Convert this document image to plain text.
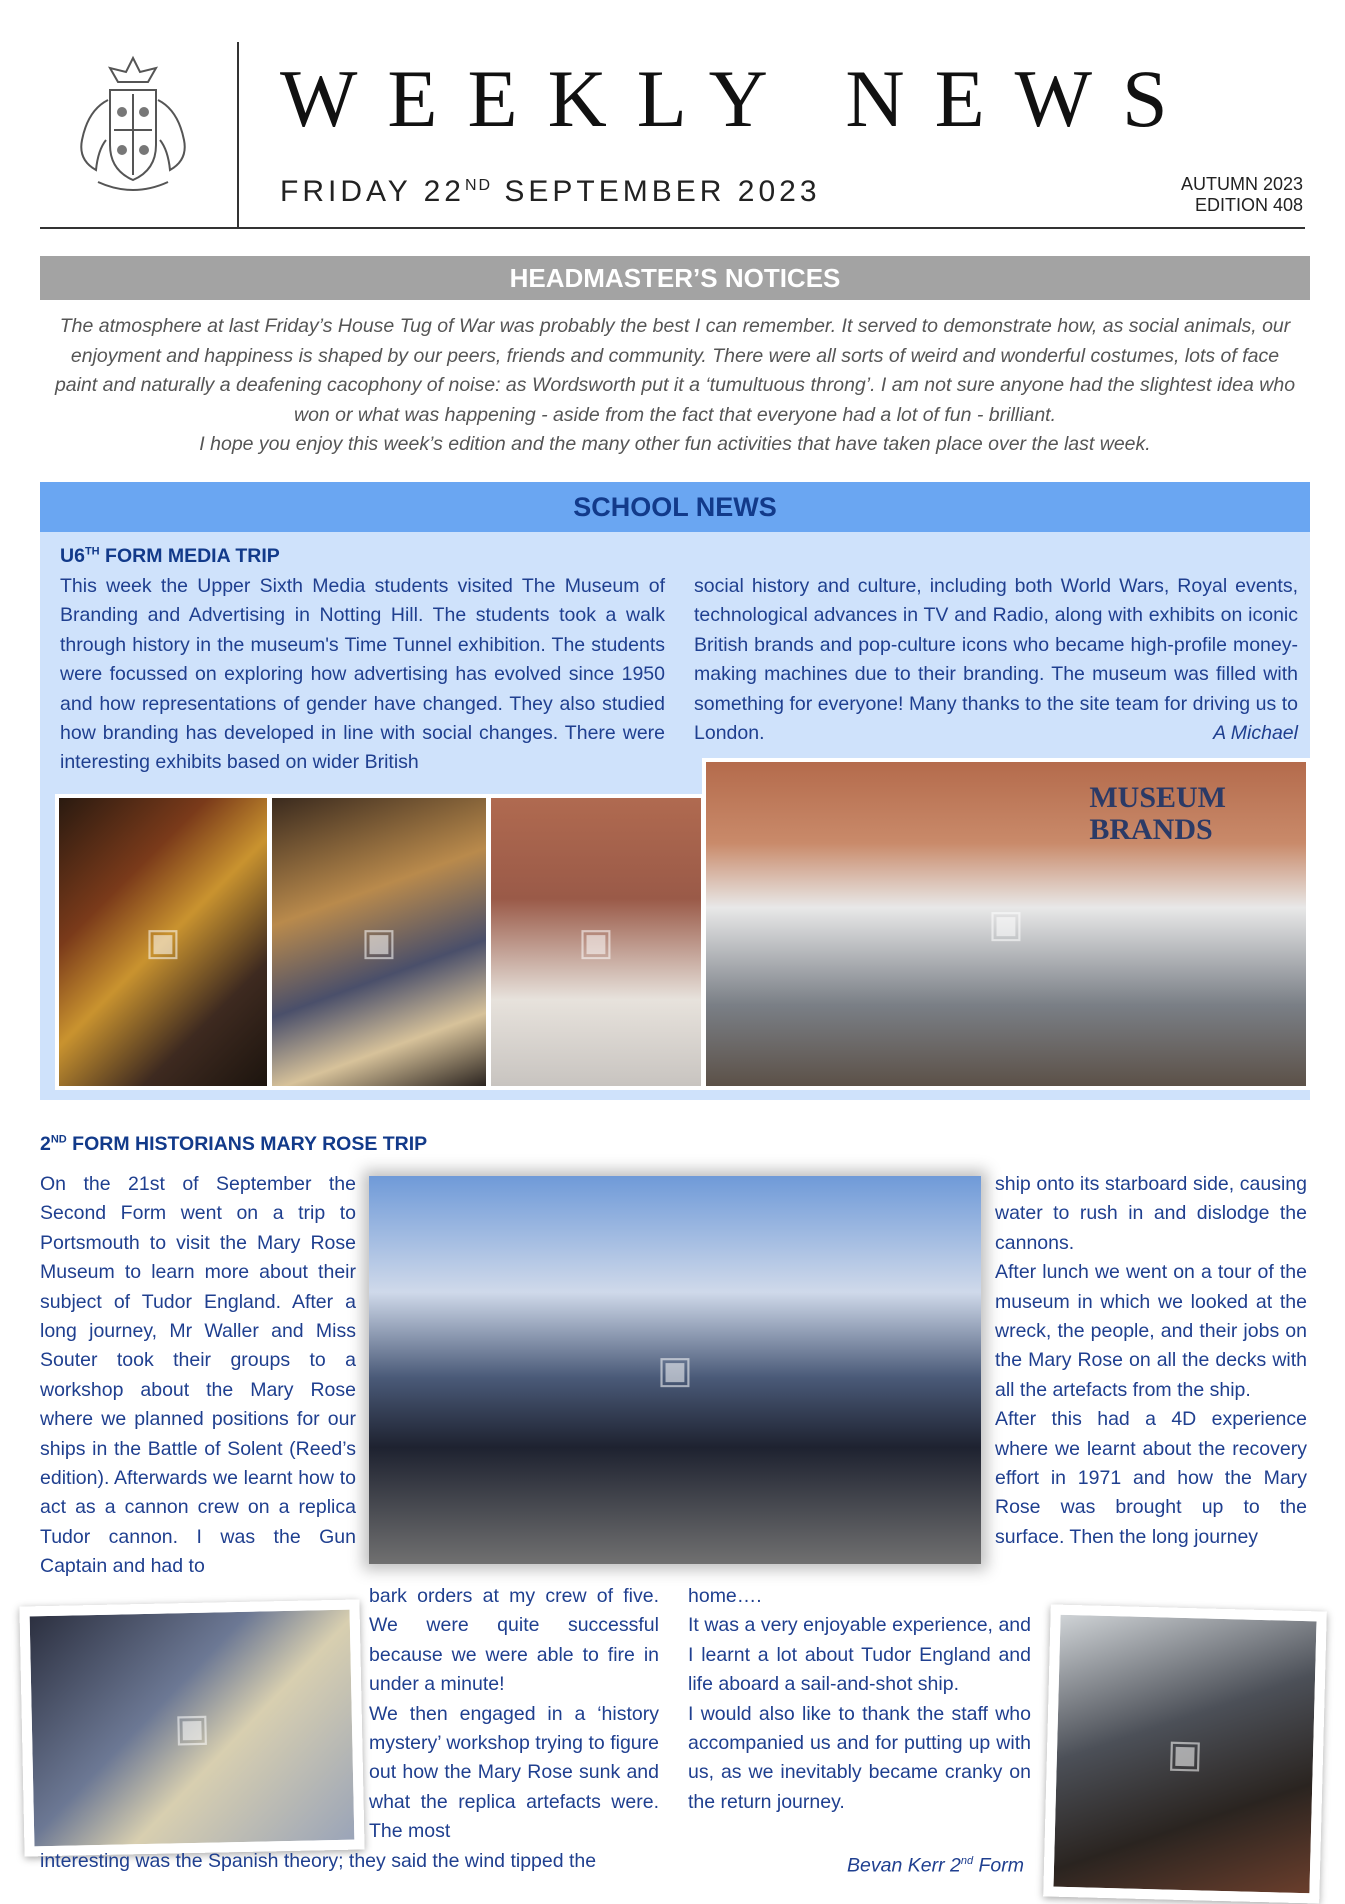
WEEKLY NEWS
FRIDAY 22ND SEPTEMBER 2023	AUTUMN 2023
EDITION 408
HEADMASTER’S NOTICES
The atmosphere at last Friday’s House Tug of War was probably the best I can remember. It served to demonstrate how, as social animals, our enjoyment and happiness is shaped by our peers, friends and community. There were all sorts of weird and wonderful costumes, lots of face paint and naturally a deafening cacophony of noise: as Wordsworth put it a ‘tumultuous throng’. I am not sure anyone had the slightest idea who won or what was happening - aside from the fact that everyone had a lot of fun - brilliant.
I hope you enjoy this week’s edition and the many other fun activities that have taken place over the last week.
SCHOOL NEWS
U6TH FORM MEDIA TRIP
This week the Upper Sixth Media students visited The Museum of Branding and Advertising in Notting Hill. The students took a walk through history in the museum's Time Tunnel exhibition. The students were focussed on exploring how advertising has evolved since 1950 and how representations of gender have changed. They also studied how branding has developed in line with social changes. There were interesting exhibits based on wider British
social history and culture, including both World Wars, Royal events, technological advances in TV and Radio, along with exhibits on iconic British brands and pop-culture icons who became high-profile money-making machines due to their branding. The museum was filled with something for everyone! Many thanks to the site team for driving us to London.	A Michael
▣	▣	▣
MUSEUM
BRANDS
▣
2ND FORM HISTORIANS MARY ROSE TRIP
On the 21st of September the Second Form went on a trip to Portsmouth to visit the Mary Rose Museum to learn more about their subject of Tudor England. After a long journey, Mr Waller and Miss Souter took their groups to a workshop about the Mary Rose where we planned positions for our ships in the Battle of Solent (Reed’s edition). Afterwards we learnt how to act as a cannon crew on a replica Tudor cannon. I was the Gun Captain and had to
▣
ship onto its starboard side, causing water to rush in and dislodge the cannons.
After lunch we went on a tour of the museum in which we looked at the wreck, the people, and their jobs on the Mary Rose on all the decks with all the artefacts from the ship.
After this had a 4D experience where we learnt about the recovery effort in 1971 and how the Mary Rose was brought up to the surface. Then the long journey
▣
bark orders at my crew of five. We were quite successful because we were able to fire in under a minute!
We then engaged in a ‘history mystery’ workshop trying to figure out how the Mary Rose sunk and what the replica artefacts were. The most
home….
It was a very enjoyable experience, and I learnt a lot about Tudor England and life aboard a sail-and-shot ship.
I would also like to thank the staff who accompanied us and for putting up with us, as we inevitably became cranky on the return journey.
interesting was the Spanish theory; they said the wind tipped the	Bevan Kerr 2nd Form
▣
